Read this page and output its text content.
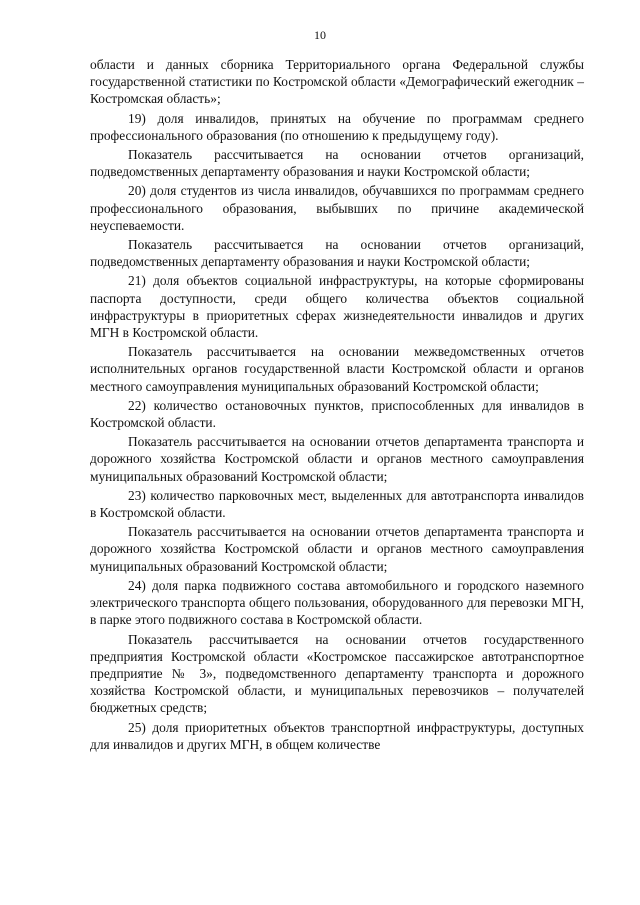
10

области и данных сборника Территориального органа Федеральной службы государственной статистики по Костромской области «Демографический ежегодник – Костромская область»;

19) доля инвалидов, принятых на обучение по программам среднего профессионального образования (по отношению к предыдущему году).

Показатель рассчитывается на основании отчетов организаций, подведомственных департаменту образования и науки Костромской области;

20) доля студентов из числа инвалидов, обучавшихся по программам среднего профессионального образования, выбывших по причине академической неуспеваемости.

Показатель рассчитывается на основании отчетов организаций, подведомственных департаменту образования и науки Костромской области;

21) доля объектов социальной инфраструктуры, на которые сформированы паспорта доступности, среди общего количества объектов социальной инфраструктуры в приоритетных сферах жизнедеятельности инвалидов и других МГН в Костромской области.

Показатель рассчитывается на основании межведомственных отчетов исполнительных органов государственной власти Костромской области и органов местного самоуправления муниципальных образований Костромской области;

22) количество остановочных пунктов, приспособленных для инвалидов в Костромской области.

Показатель рассчитывается на основании отчетов департамента транспорта и дорожного хозяйства Костромской области и органов местного самоуправления муниципальных образований Костромской области;

23) количество парковочных мест, выделенных для автотранспорта инвалидов в Костромской области.

Показатель рассчитывается на основании отчетов департамента транспорта и дорожного хозяйства Костромской области и органов местного самоуправления муниципальных образований Костромской области;

24) доля парка подвижного состава автомобильного и городского наземного электрического транспорта общего пользования, оборудованного для перевозки МГН, в парке этого подвижного состава в Костромской области.

Показатель рассчитывается на основании отчетов государственного предприятия Костромской области «Костромское пассажирское автотранспортное предприятие № 3», подведомственного департаменту транспорта и дорожного хозяйства Костромской области, и муниципальных перевозчиков – получателей бюджетных средств;

25) доля приоритетных объектов транспортной инфраструктуры, доступных для инвалидов и других МГН, в общем количестве
